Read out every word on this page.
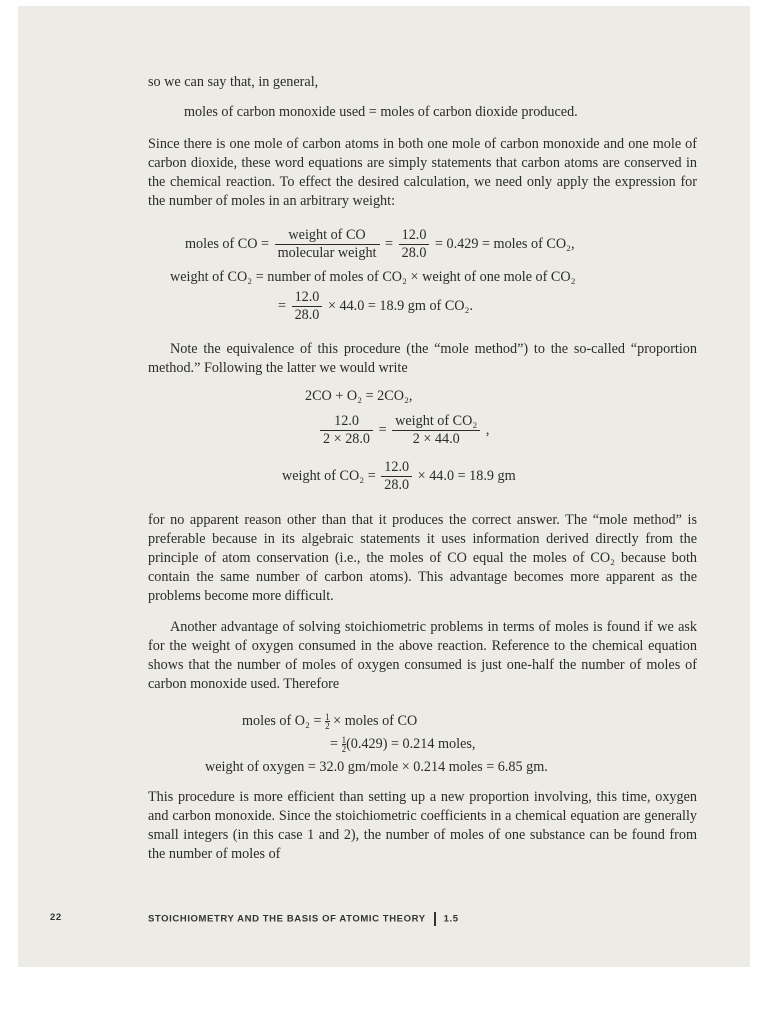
so we can say that, in general,

moles of carbon monoxide used = moles of carbon dioxide produced.

Since there is one mole of carbon atoms in both one mole of carbon monoxide and one mole of carbon dioxide, these word equations are simply statements that carbon atoms are conserved in the chemical reaction. To effect the desired calculation, we need only apply the expression for the number of moles in an arbitrary weight:

moles of CO = $\frac{\text{weight of CO}}{\text{molecular weight}} = \frac{12.0}{28.0} = 0.429$ = moles of CO₂,
weight of CO₂ = number of moles of CO₂ × weight of one mole of CO₂
= $\frac{12.0}{28.0} \times 44.0 = 18.9$ gm of CO₂.

Note the equivalence of this procedure (the “mole method”) to the so-called “proportion method.” Following the latter we would write

2CO + O₂ = 2CO₂,
$\frac{12.0}{2 \times 28.0} = \frac{\text{weight of CO₂}}{2 \times 44.0}$ ,
weight of $CO_2 = \frac{12.0}{28.0} \times 44.0 = 18.9$ gm

for no apparent reason other than that it produces the correct answer. The “mole method” is preferable because in its algebraic statements it uses information derived directly from the principle of atom conservation (i.e., the moles of CO equal the moles of CO₂ because both contain the same number of carbon atoms). This advantage becomes more apparent as the problems become more difficult.

Another advantage of solving stoichiometric problems in terms of moles is found if we ask for the weight of oxygen consumed in the above reaction. Reference to the chemical equation shows that the number of moles of oxygen consumed is just one-half the number of moles of carbon monoxide used. Therefore

moles of $O_2 = \frac{1}{2}$ × moles of CO
= $\frac{1}{2}(0.429) = 0.214$ moles,
weight of oxygen = 32.0 gm/mole × 0.214 moles = 6.85 gm.

This procedure is more efficient than setting up a new proportion involving, this time, oxygen and carbon monoxide. Since the stoichiometric coefficients in a chemical equation are generally small integers (in this case 1 and 2), the number of moles of one substance can be found from the number of moles of

22	STOICHIOMETRY AND THE BASIS OF ATOMIC THEORY 1.5
